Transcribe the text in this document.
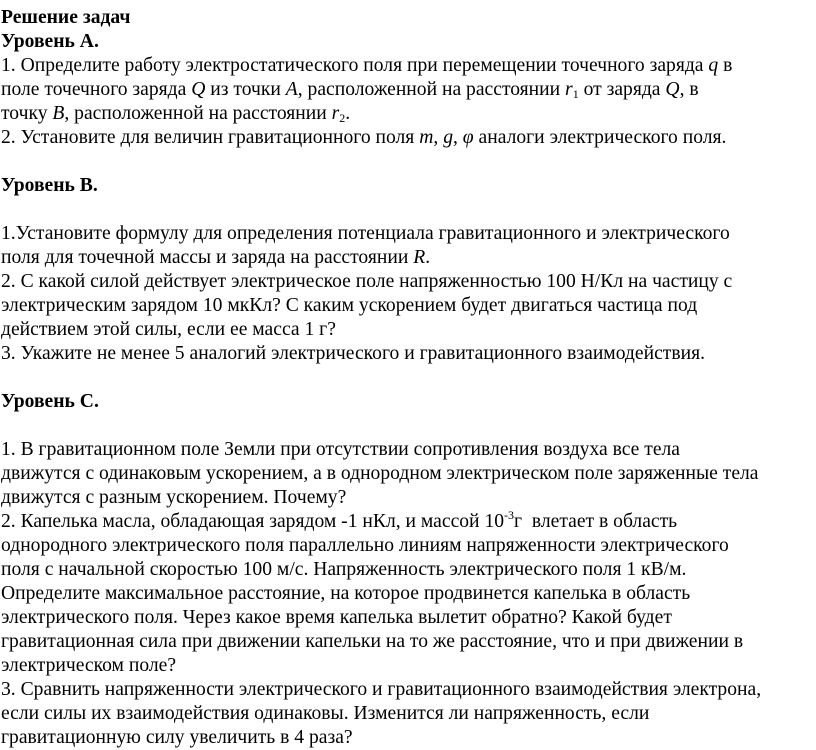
Решение задач
Уровень А.
1. Определите работу электростатического поля при перемещении точечного заряда q в
поле точечного заряда Q из точки A, расположенной на расстоянии $r_1$ от заряда Q, в
точку B, расположенной на расстоянии $r_2$.
2. Установите для величин гравитационного поля m, g, φ аналоги электрического поля.
Уровень В.
1.Установите формулу для определения потенциала гравитационного и электрического
поля для точечной массы и заряда на расстоянии R.
2. С какой силой действует электрическое поле напряженностью 100 Н/Кл на частицу с
электрическим зарядом 10 мкКл? С каким ускорением будет двигаться частица под
действием этой силы, если ее масса 1 г?
3. Укажите не менее 5 аналогий электрического и гравитационного взаимодействия.
Уровень С.
1. В гравитационном поле Земли при отсутствии сопротивления воздуха все тела
движутся с одинаковым ускорением, а в однородном электрическом поле заряженные тела
движутся с разным ускорением. Почему?
2. Капелька масла, обладающая зарядом -1 нКл, и массой $10^{-3}г$  влетает в область
однородного электрического поля параллельно линиям напряженности электрического
поля с начальной скоростью 100 м/с. Напряженность электрического поля 1 кВ/м.
Определите максимальное расстояние, на которое продвинется капелька в область
электрического поля. Через какое время капелька вылетит обратно? Какой будет
гравитационная сила при движении капельки на то же расстояние, что и при движении в
электрическом поле?
3. Сравнить напряженности электрического и гравитационного взаимодействия электрона,
если силы их взаимодействия одинаковы. Изменится ли напряженность, если
гравитационную силу увеличить в 4 раза?
